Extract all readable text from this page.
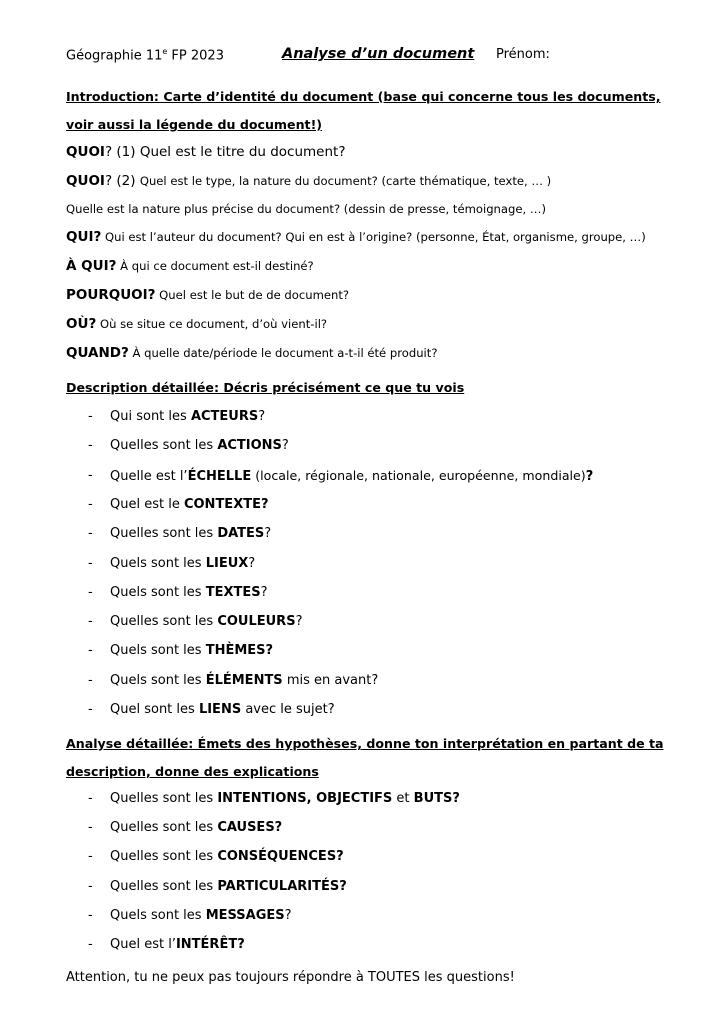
Géographie 11e FP 2023	Analyse d’un document Prénom:
Introduction: Carte d’identité du document (base qui concerne tous les documents,
voir aussi la légende du document!)
QUOI? (1) Quel est le titre du document?
QUOI? (2) Quel est le type, la nature du document? (carte thématique, texte, … )
Quelle est la nature plus précise du document? (dessin de presse, témoignage, …)
QUI? Qui est l’auteur du document? Qui en est à l’origine? (personne, État, organisme, groupe, …)
À QUI? À qui ce document est-il destiné?
POURQUOI? Quel est le but de de document?
OÙ? Où se situe ce document, d’où vient-il?
QUAND? À quelle date/période le document a-t-il été produit?
Description détaillée: Décris précisément ce que tu vois
- Qui sont les ACTEURS?
- Quelles sont les ACTIONS?
- Quelle est l’ÉCHELLE (locale, régionale, nationale, européenne, mondiale)?
- Quel est le CONTEXTE?
- Quelles sont les DATES?
- Quels sont les LIEUX?
- Quels sont les TEXTES?
- Quelles sont les COULEURS?
- Quels sont les THÈMES?
- Quels sont les ÉLÉMENTS mis en avant?
- Quel sont les LIENS avec le sujet?
Analyse détaillée: Émets des hypothèses, donne ton interprétation en partant de ta
description, donne des explications
- Quelles sont les INTENTIONS, OBJECTIFS et BUTS?
- Quelles sont les CAUSES?
- Quelles sont les CONSÉQUENCES?
- Quelles sont les PARTICULARITÉS?
- Quels sont les MESSAGES?
- Quel est l’INTÉRÊT?
Attention, tu ne peux pas toujours répondre à TOUTES les questions!
